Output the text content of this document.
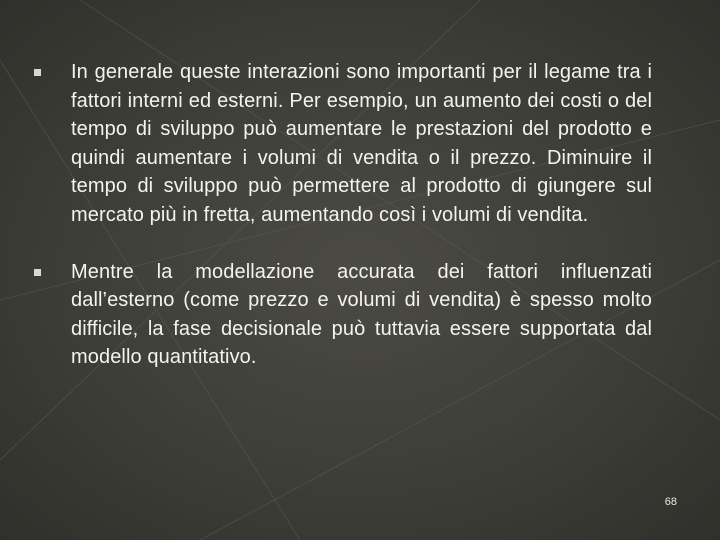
In generale queste interazioni sono importanti per il legame tra i fattori interni ed esterni. Per esempio, un aumento dei costi o del tempo di sviluppo può aumentare le prestazioni del prodotto e quindi aumentare i volumi di vendita o il prezzo. Diminuire il tempo di sviluppo può permettere al prodotto di giungere sul mercato più in fretta, aumentando così i volumi di vendita.
Mentre la modellazione accurata dei fattori influenzati dall’esterno (come prezzo e volumi di vendita) è spesso molto difficile, la fase decisionale può tuttavia essere supportata dal modello quantitativo.
68
